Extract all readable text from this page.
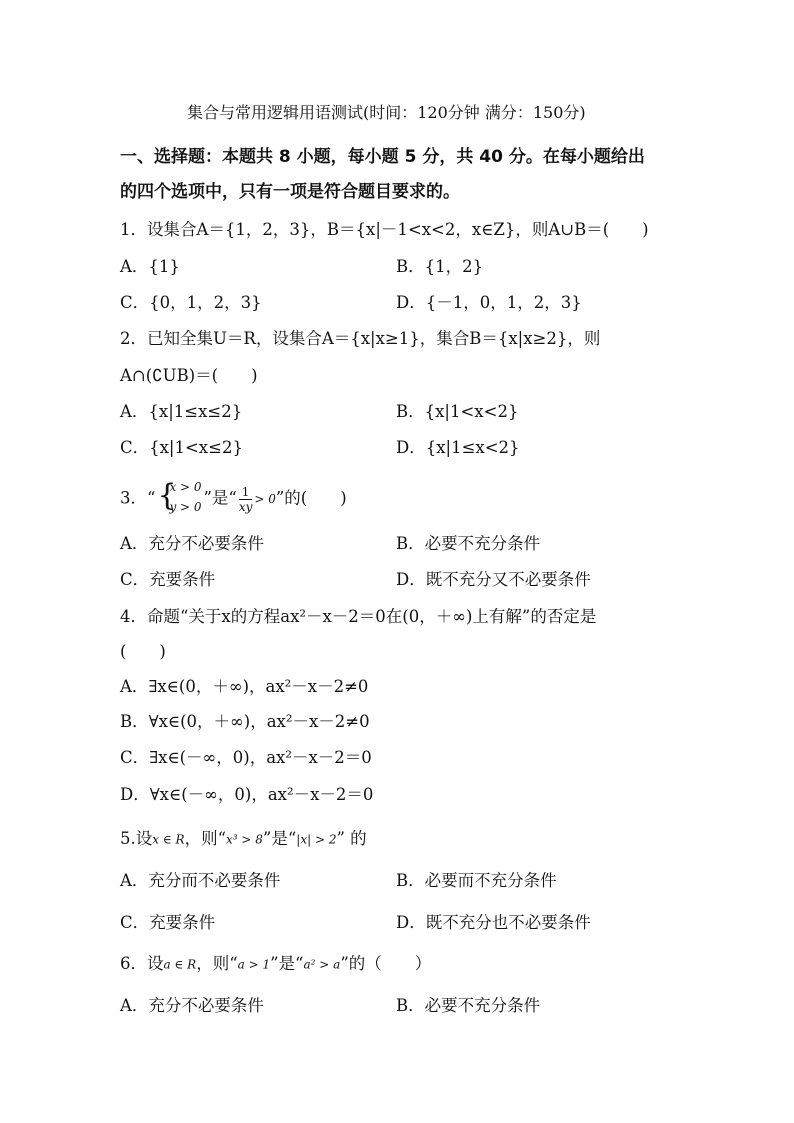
集合与常用逻辑用语测试(时间：120分钟 满分：150分)
一、选择题：本题共 8 小题，每小题 5 分，共 40 分。在每小题给出
的四个选项中，只有一项是符合题目要求的。
1．设集合A＝{1，2，3}，B＝{x|－1<x<2，x∈Z}，则A∪B＝(　　)
A．{1}	B．{1，2}
C．{0，1，2，3}	D．{－1，0，1，2，3}
2．已知全集U＝R，设集合A＝{x|x≥1}，集合B＝{x|x≥2}，则
A∩(∁UB)＝(　　)
A．{x|1≤x≤2}	B．{x|1<x<2}
C．{x|1<x≤2}	D．{x|1≤x<2}
3．“ {
x > 0
y > 0 ”是“ $\frac{1}{xy} > 0$”的(　　)
A．充分不必要条件	B．必要不充分条件
C．充要条件	D．既不充分又不必要条件
4．命题“关于x的方程ax²－x－2＝0在(0，＋∞)上有解”的否定是
(　　)
A．∃x∈(0，＋∞)，ax²－x－2≠0
B．∀x∈(0，＋∞)，ax²－x－2≠0
C．∃x∈(－∞，0)，ax²－x－2＝0
D．∀x∈(－∞，0)，ax²－x－2＝0
5.设x ∈ R，则“x³ > 8”是“|x| > 2” 的
A．充分而不必要条件	B．必要而不充分条件
C．充要条件	D．既不充分也不必要条件
6．设a ∈ R，则“a > 1”是“a² > a”的（　　）
A．充分不必要条件	B．必要不充分条件
